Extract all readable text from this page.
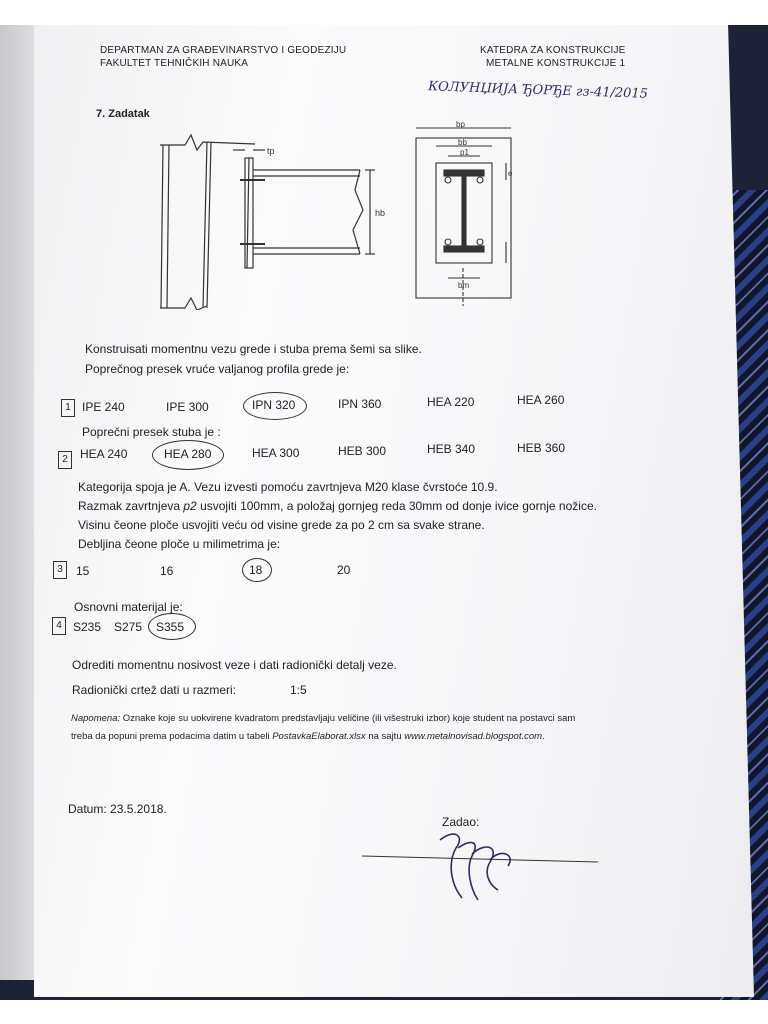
DEPARTMAN ZA GRAĐEVINARSTVO I GEODEZIJU

FAKULTET TEHNIČKIH NAUKA

KATEDRA ZA KONSTRUKCIJE

METALNE KONSTRUKCIJE 1

КОЛУНЏИЈА ЂОРЂЕ гз-41/2015

7. Zadatak

tp
hb
bp
bb
p1
e
bm

Konstruisati momentnu vezu grede i stuba prema šemi sa slike.

Poprečnog presek vruće valjanog profila grede je:

1 IPE 240	IPE 300	IPN 320	IPN 360	HEA 220	HEA 260

Poprečni presek stuba je :

2	HEA 240	HEA 280	HEA 300	HEB 300	HEB 340	HEB 360

Kategorija spoja je A. Vezu izvesti pomoću zavrtnjeva M20 klase čvrstoće 10.9.

Razmak zavrtnjeva p2 usvojiti 100mm, a položaj gornjeg reda 30mm od donje ivice gornje nožice.

Visinu čeone ploče usvojiti veću od visine grede za po 2 cm sa svake strane.

Debljina čeone ploče u milimetrima je:

3	15	16	18	20

Osnovni materijal je:

4 S235 S275 S355

Odrediti momentnu nosivost veze i dati radionički detalj veze.

Radionički crtež dati u razmeri:	1:5

Napomena: Oznake koje su uokvirene kvadratom predstavljaju veličine (ili višestruki izbor) koje student na postavci sam

treba da popuni prema podacima datim u tabeli PostavkaElaborat.xlsx na sajtu www.metalnovisad.blogspot.com.

Datum: 23.5.2018.

Zadao:
